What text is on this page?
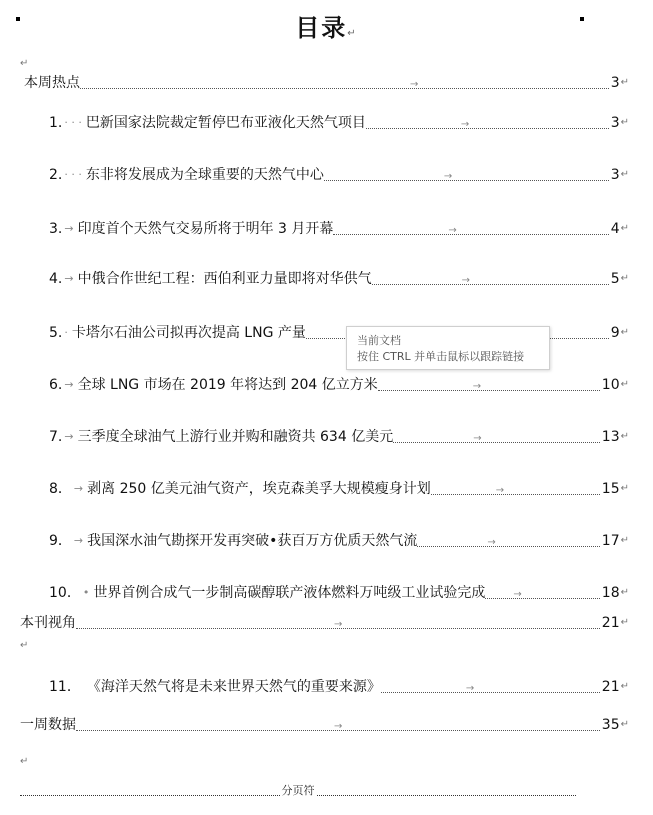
目录↵
↵
本周热点	→	3 ↵
1. · · · 巴新国家法院裁定暂停巴布亚液化天然气项目	→	3 ↵
2. · · · 东非将发展成为全球重要的天然气中心	→	3 ↵
3. → 印度首个天然气交易所将于明年 3 月开幕	→	4 ↵
4. → 中俄合作世纪工程：西伯利亚力量即将对华供气	→	5 ↵
5. · 卡塔尔石油公司拟再次提高 LNG 产量	9 ↵
6. → 全球 LNG 市场在 2019 年将达到 204 亿立方米	→	10 ↵
7. → 三季度全球油气上游行业并购和融资共 634 亿美元	→	13 ↵
8． → 剥离 250 亿美元油气资产，埃克森美孚大规模瘦身计划	→	15 ↵
9． → 我国深水油气勘探开发再突破•获百万方优质天然气流	→	17 ↵
10． • 世界首例合成气一步制高碳醇联产液体燃料万吨级工业试验完成	→	18 ↵
本刊视角	→	21 ↵
↵
11． 《海洋天然气将是未来世界天然气的重要来源》	→	21 ↵
一周数据	→	35 ↵
↵
当前文档
按住 CTRL 并单击鼠标以跟踪链接
分页符
